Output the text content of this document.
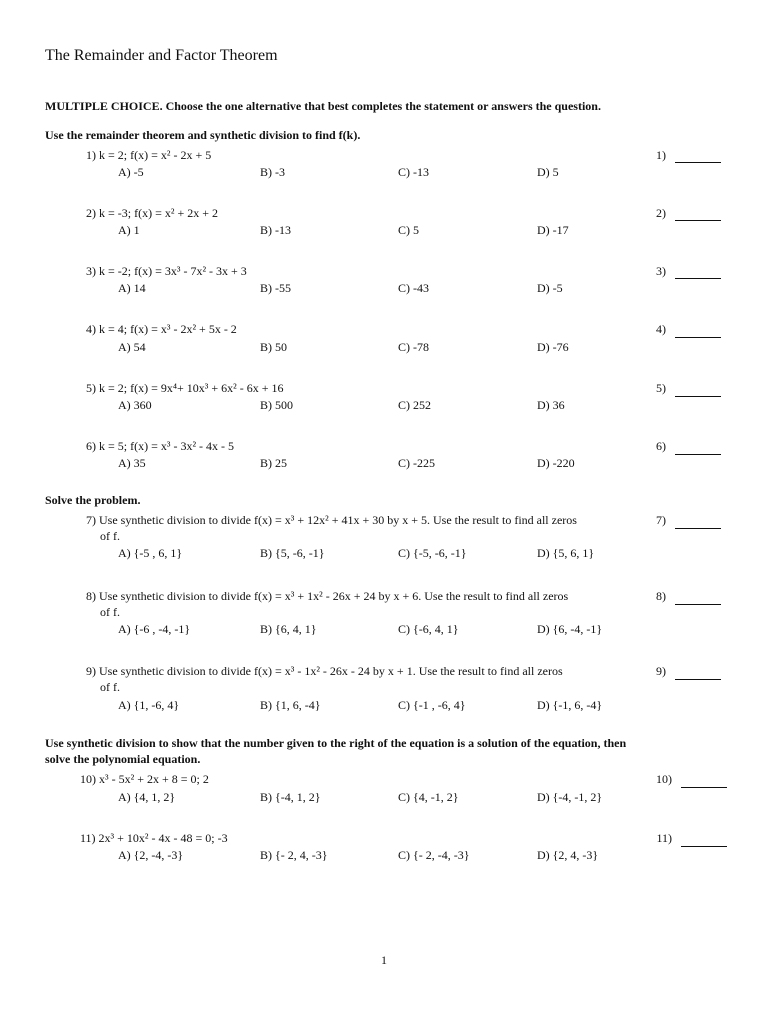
The Remainder and Factor Theorem
MULTIPLE CHOICE. Choose the one alternative that best completes the statement or answers the question.
Use the remainder theorem and synthetic division to find f(k).
1) k = 2; f(x) = x² - 2x + 5	1)
A) -5	B) -3	C) -13	D) 5
2) k = -3; f(x) = x² + 2x + 2	2)
A) 1	B) -13	C) 5	D) -17
3) k = -2; f(x) = 3x³ - 7x² - 3x + 3	3)
A) 14	B) -55	C) -43	D) -5
4) k = 4; f(x) = x³ - 2x² + 5x - 2	4)
A) 54	B) 50	C) -78	D) -76
5) k = 2; f(x) = 9x⁴+ 10x³ + 6x² - 6x + 16	5)
A) 360	B) 500	C) 252	D) 36
6) k = 5; f(x) = x³ - 3x² - 4x - 5	6)
A) 35	B) 25	C) -225	D) -220
Solve the problem.
7) Use synthetic division to divide f(x) = x³ + 12x² + 41x + 30 by x + 5. Use the result to find all zeros
of f.
7)
A) {-5 , 6, 1}	B) {5, -6, -1}	C) {-5, -6, -1}	D) {5, 6, 1}
8) Use synthetic division to divide f(x) = x³ + 1x² - 26x + 24 by x + 6. Use the result to find all zeros
of f.
8)
A) {-6 , -4, -1}	B) {6, 4, 1}	C) {-6, 4, 1}	D) {6, -4, -1}
9) Use synthetic division to divide f(x) = x³ - 1x² - 26x - 24 by x + 1. Use the result to find all zeros
of f.
9)
A) {1, -6, 4}	B) {1, 6, -4}	C) {-1 , -6, 4}	D) {-1, 6, -4}
Use synthetic division to show that the number given to the right of the equation is a solution of the equation, then
solve the polynomial equation.
10) x³ - 5x² + 2x + 8 = 0; 2	10)
A) {4, 1, 2}	B) {-4, 1, 2}	C) {4, -1, 2}	D) {-4, -1, 2}
11) 2x³ + 10x² - 4x - 48 = 0; -3	11)
A) {2, -4, -3}	B) {- 2, 4, -3}	C) {- 2, -4, -3}	D) {2, 4, -3}
1
